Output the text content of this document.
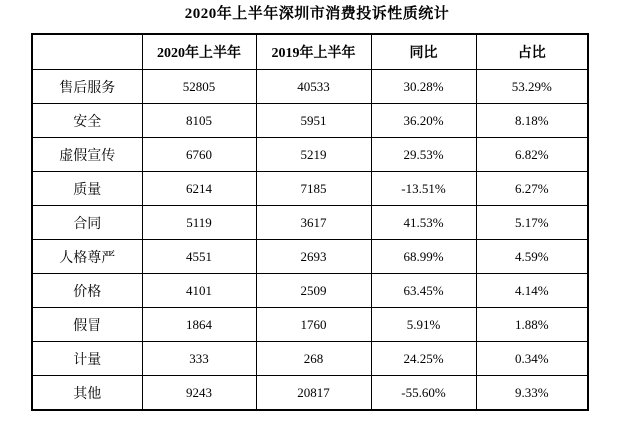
2020年上半年深圳市消费投诉性质统计
	2020年上半年	2019年上半年	同比	占比
售后服务	52805	40533	30.28%	53.29%
安全	8105	5951	36.20%	8.18%
虚假宣传	6760	5219	29.53%	6.82%
质量	6214	7185	-13.51%	6.27%
合同	5119	3617	41.53%	5.17%
人格尊严	4551	2693	68.99%	4.59%
价格	4101	2509	63.45%	4.14%
假冒	1864	1760	5.91%	1.88%
计量	333	268	24.25%	0.34%
其他	9243	20817	-55.60%	9.33%
